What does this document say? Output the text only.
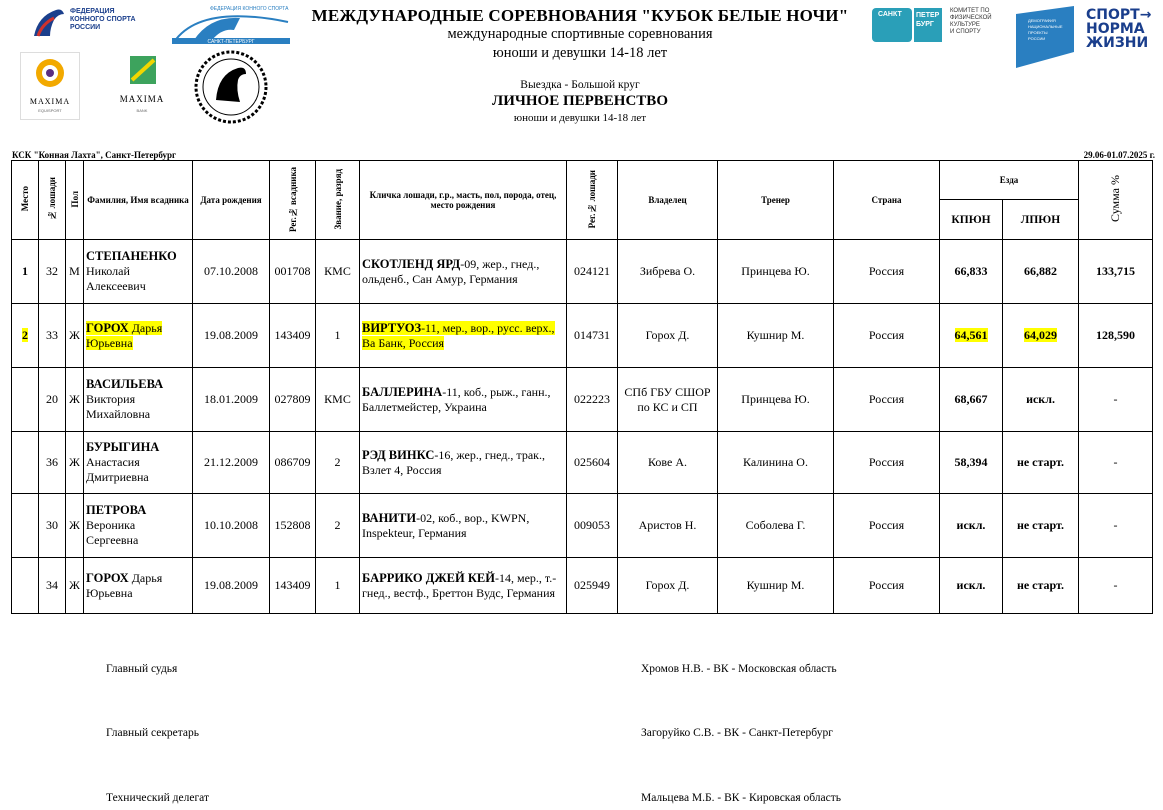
ФЕДЕРАЦИЯ
КОННОГО СПОРТА
РОССИИ
ФЕДЕРАЦИЯ КОННОГО СПОРТА
САНКТ-ПЕТЕРБУРГ
MAXIMA
EQUISPORT
MAXIMA
BANK
САНКТ ПЕТЕР
БУРГ
КОМИТЕТ ПО
ФИЗИЧЕСКОЙ
КУЛЬТУРЕ
И СПОРТУ
ДЕМОГРАФИЯ
НАЦИОНАЛЬНЫЕ
ПРОЕКТЫ
РОССИИ
СПОРТ→
НОРМА
ЖИЗНИ
МЕЖДУНАРОДНЫЕ СОРЕВНОВАНИЯ "КУБОК БЕЛЫЕ НОЧИ"
международные спортивные соревнования
юноши и девушки 14-18 лет
Выездка - Большой круг
ЛИЧНОЕ ПЕРВЕНСТВО
юноши и девушки 14-18 лет
КСК "Конная Лахта", Санкт-Петербург	29.06-01.07.2025 г.
Место	№ лошади	Пол	Фамилия, Имя всадника	Дата рождения	Рег.№ всадника	Звание, разряд	Кличка лошади, г.р., масть, пол, порода, отец, место рождения	Рег.№ лошади	Владелец	Тренер	Страна	Езда		Сумма %
												КПЮН	ЛПЮН	
1	32	М	СТЕПАНЕНКО
Николай Алексеевич	07.10.2008	001708	КМС	СКОТЛЕНД ЯРД-09, жер., гнед., ольденб., Сан Амур, Германия	024121	Зибрева О.	Принцева Ю.	Россия	66,833	66,882	133,715
2	33	Ж	ГОРОХ Дарья Юрьевна	19.08.2009	143409	1	ВИРТУОЗ-11, мер., вор., русс. верх., Ва Банк, Россия	014731	Горох Д.	Кушнир М.	Россия	64,561	64,029	128,590
	20	Ж	ВАСИЛЬЕВА
Виктория Михайловна	18.01.2009	027809	КМС	БАЛЛЕРИНА-11, коб., рыж., ганн., Баллетмейстер, Украина	022223	СПб ГБУ СШОР по КС и СП	Принцева Ю.	Россия	68,667	искл.	-
	36	Ж	БУРЫГИНА
Анастасия Дмитриевна	21.12.2009	086709	2	РЭД ВИНКС-16, жер., гнед., трак., Взлет 4, Россия	025604	Кове А.	Калинина О.	Россия	58,394	не старт.	-
	30	Ж	ПЕТРОВА
Вероника Сергеевна	10.10.2008	152808	2	ВАНИТИ-02, коб., вор., KWPN, Inspekteur, Германия	009053	Аристов Н.	Соболева Г.	Россия	искл.	не старт.	-
	34	Ж	ГОРОХ Дарья Юрьевна	19.08.2009	143409	1	БАРРИКО ДЖЕЙ КЕЙ-14, мер., т.-гнед., вестф., Бреттон Вудс, Германия	025949	Горох Д.	Кушнир М.	Россия	искл.	не старт.	-
Главный судья	Хромов Н.В. - ВК - Московская область
Главный секретарь	Загоруйко С.В. - ВК - Санкт-Петербург
Технический делегат	Мальцева М.Б. - ВК - Кировская область
